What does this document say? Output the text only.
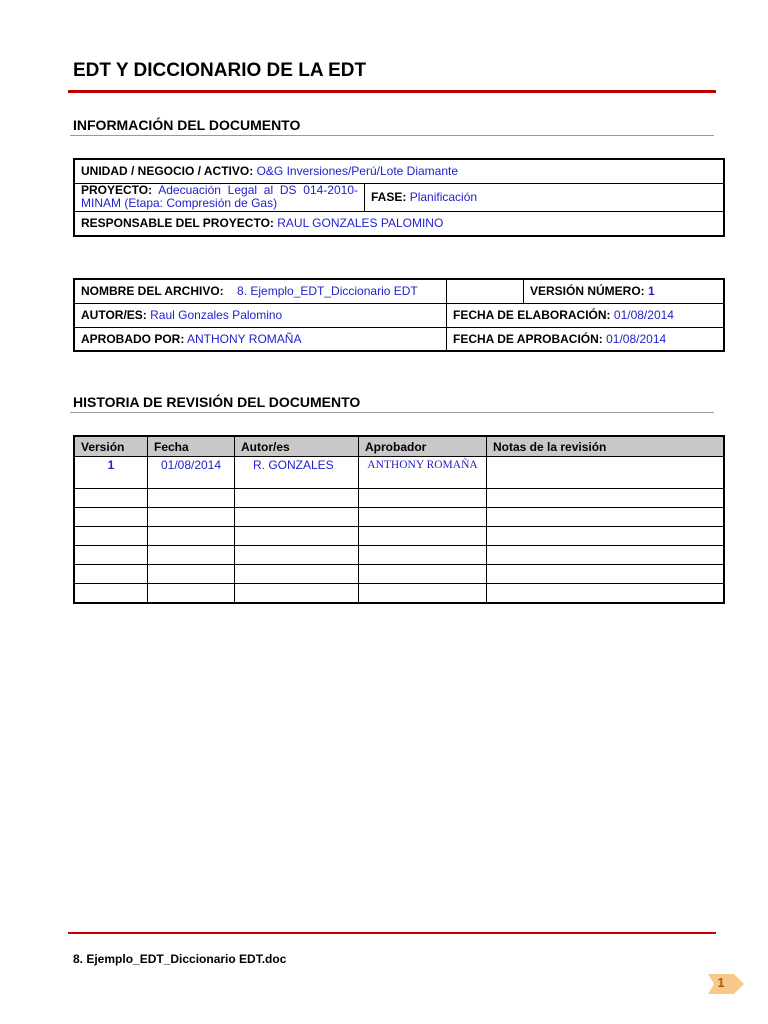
EDT Y DICCIONARIO DE LA EDT
INFORMACIÓN DEL DOCUMENTO
UNIDAD / NEGOCIO / ACTIVO: O&G Inversiones/Perú/Lote Diamante
PROYECTO: Adecuación Legal al DS 014-2010-MINAM (Etapa: Compresión de Gas)	FASE: Planificación
RESPONSABLE DEL PROYECTO: RAUL GONZALES PALOMINO
NOMBRE DEL ARCHIVO: 8. Ejemplo_EDT_Diccionario EDT		VERSIÓN NÚMERO: 1
AUTOR/ES: Raul Gonzales Palomino	FECHA DE ELABORACIÓN: 01/08/2014	
APROBADO POR: ANTHONY ROMAÑA	FECHA DE APROBACIÓN: 01/08/2014	
HISTORIA DE REVISIÓN DEL DOCUMENTO
Versión	Fecha	Autor/es	Aprobador	Notas de la revisión
1	01/08/2014	R. GONZALES	ANTHONY ROMAÑA	

8. Ejemplo_EDT_Diccionario EDT.doc
1
